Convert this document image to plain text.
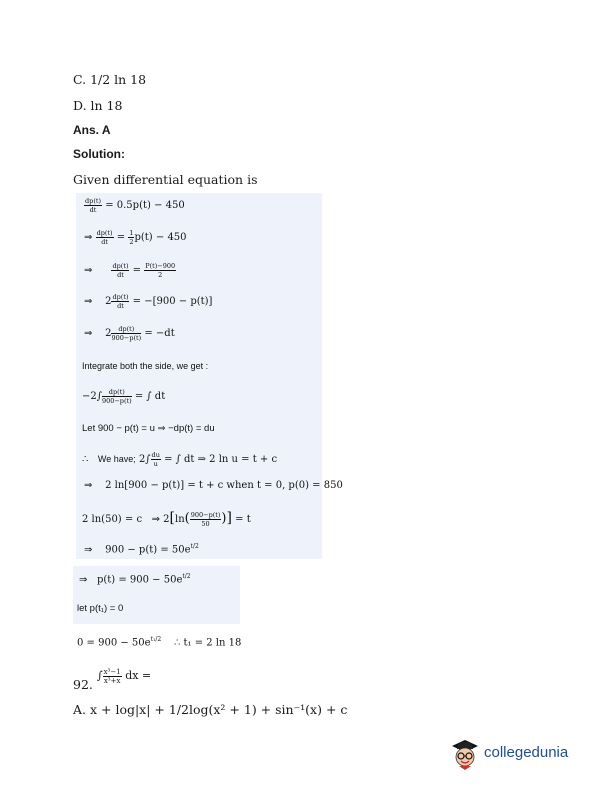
C. 1/2 ln 18
D. ln 18
Ans. A
Solution:
Given differential equation is
$\frac{dp(t)}{dt} = 0.5p(t) - 450$
⇒ $\frac{dp(t)}{dt} = \frac{1}{2} p(t) - 450$
⇒	$\frac{dp(t)}{dt} = \frac{P(t)-900}{2}$
⇒    $2 \frac{dp(t)}{dt} = -[900 - p(t)]$
⇒    $2 \frac{dp(t)}{900-p(t)} = -dt$
Integrate both the side, we get :
$-2\int \frac{dp(t)}{900-p(t)}$ = ∫ dt
Let 900 − p(t) = u ⇒ −dp(t) = du
∴   We have; $2\int \frac{du}{u}$ = ∫ dt ⇒ 2 ln u = t + c
⇒ 2 ln[900 − p(t)] = t + c when t = 0, p(0) = 850
2 ln(50) = c ⇒ $2[\ln( \frac{900-p(t)}{50}$ )] = t
⇒ $900 - p(t) = 50e^{t/2}$
⇒ $p(t) = 900 - 50e^{t/2}$
let p(t₁) = 0
$0 = 900 - 50e^{t_1/2}$ ∴ t₁ = 2 ln 18
92. ∫ $\frac{\text{x³−1}}{\text{x³+x}}$ dx =
A. x + log|x| + 1/2log(x² + 1) + sin⁻¹(x) + c
collegedunia
